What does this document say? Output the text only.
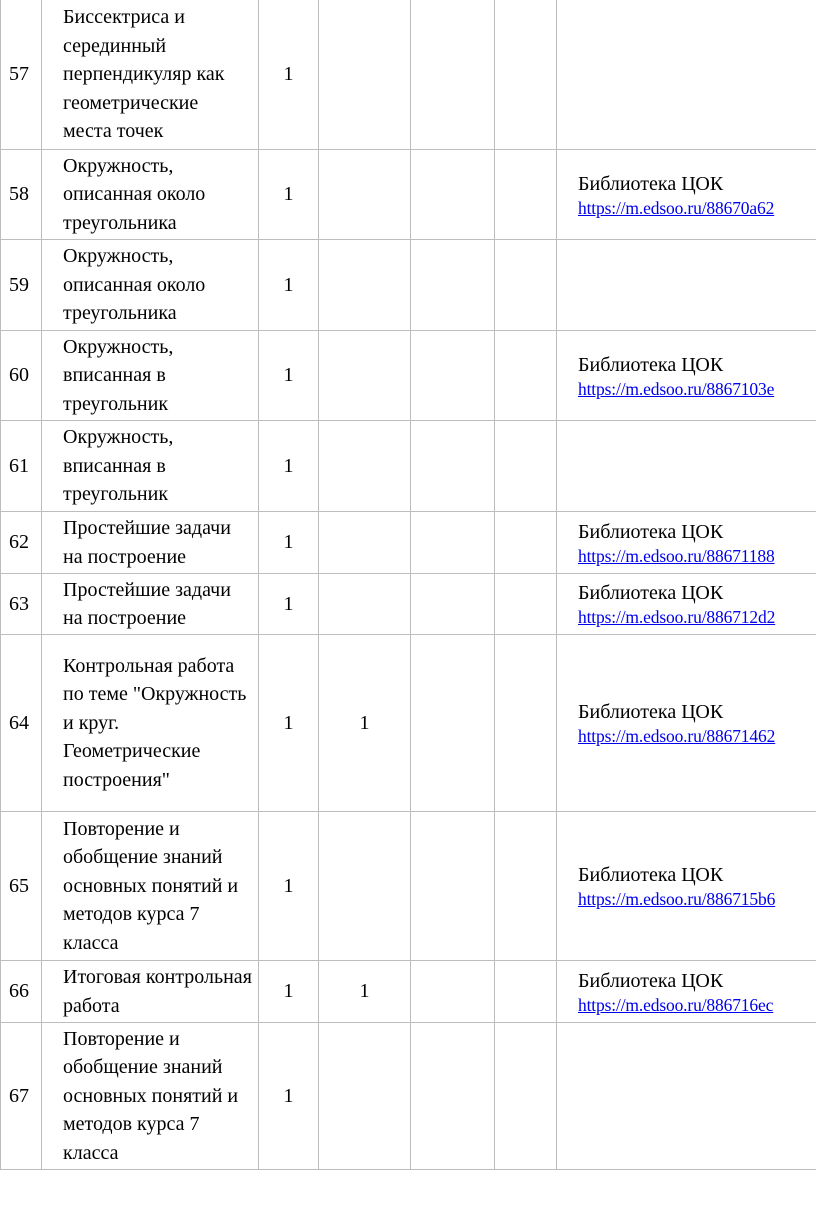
57	Биссектриса и серединный перпендикуляр как геометрические места точек	1				
58	Окружность, описанная около треугольника	1				Библиотека ЦОК
https://m.edsoo.ru/88670a62

59	Окружность, описанная около треугольника	1				
60	Окружность, вписанная в треугольник	1				Библиотека ЦОК
https://m.edsoo.ru/8867103e

61	Окружность, вписанная в треугольник	1				
62	Простейшие задачи на построение	1				Библиотека ЦОК
https://m.edsoo.ru/88671188

63	Простейшие задачи на построение	1				Библиотека ЦОК
https://m.edsoo.ru/886712d2

64	Контрольная работа по теме "Окружность и круг. Геометрические построения"	1	1			Библиотека ЦОК
https://m.edsoo.ru/88671462

65	Повторение и обобщение знаний основных понятий и методов курса 7 класса	1				Библиотека ЦОК
https://m.edsoo.ru/886715b6

66	Итоговая контрольная работа	1	1			Библиотека ЦОК
https://m.edsoo.ru/886716ec

67	Повторение и обобщение знаний основных понятий и методов курса 7 класса	1				
